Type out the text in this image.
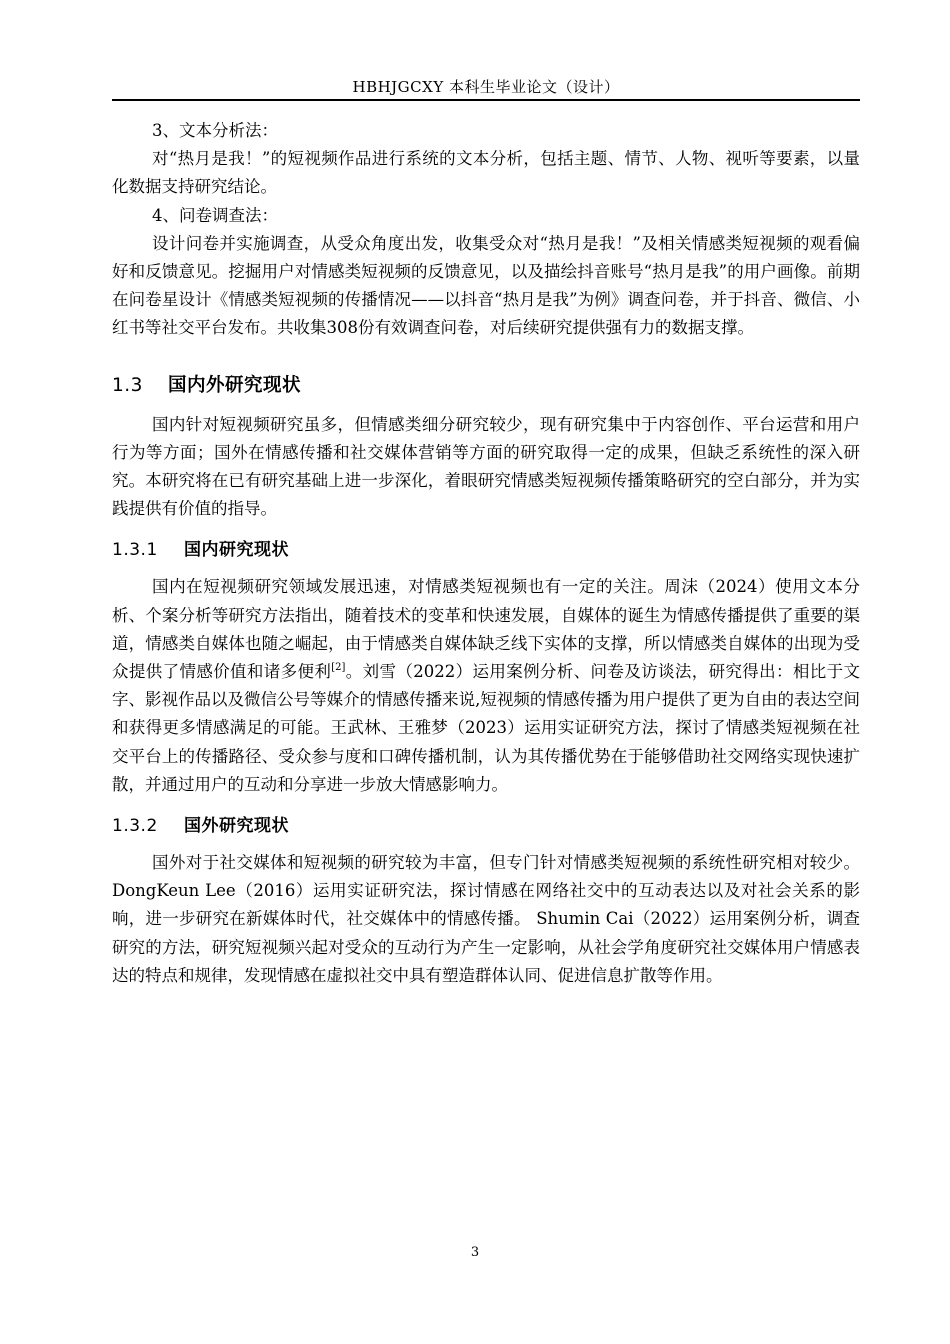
HBHJGCXY 本科生毕业论文（设计）

3、文本分析法：

对“热月是我！”的短视频作品进行系统的文本分析，包括主题、情节、人物、视听等要素，以量化数据支持研究结论。

4、问卷调查法：

设计问卷并实施调查，从受众角度出发，收集受众对“热月是我！”及相关情感类短视频的观看偏好和反馈意见。挖掘用户对情感类短视频的反馈意见，以及描绘抖音账号“热月是我”的用户画像。前期在问卷星设计《情感类短视频的传播情况——以抖音“热月是我”为例》调查问卷，并于抖音、微信、小红书等社交平台发布。共收集308份有效调查问卷，对后续研究提供强有力的数据支撑。

1.3 国内外研究现状

国内针对短视频研究虽多，但情感类细分研究较少，现有研究集中于内容创作、平台运营和用户行为等方面；国外在情感传播和社交媒体营销等方面的研究取得一定的成果，但缺乏系统性的深入研究。本研究将在已有研究基础上进一步深化，着眼研究情感类短视频传播策略研究的空白部分，并为实践提供有价值的指导。

1.3.1 国内研究现状

国内在短视频研究领域发展迅速，对情感类短视频也有一定的关注。周沫（2024）使用文本分析、个案分析等研究方法指出，随着技术的变革和快速发展，自媒体的诞生为情感传播提供了重要的渠道，情感类自媒体也随之崛起，由于情感类自媒体缺乏线下实体的支撑，所以情感类自媒体的出现为受众提供了情感价值和诸多便利[2]。刘雪（2022）运用案例分析、问卷及访谈法，研究得出：相比于文字、影视作品以及微信公号等媒介的情感传播来说,短视频的情感传播为用户提供了更为自由的表达空间和获得更多情感满足的可能。王武林、王雅梦（2023）运用实证研究方法，探讨了情感类短视频在社交平台上的传播路径、受众参与度和口碑传播机制，认为其传播优势在于能够借助社交网络实现快速扩散，并通过用户的互动和分享进一步放大情感影响力。

1.3.2 国外研究现状

国外对于社交媒体和短视频的研究较为丰富，但专门针对情感类短视频的系统性研究相对较少。DongKeun Lee（2016）运用实证研究法，探讨情感在网络社交中的互动表达以及对社会关系的影响，进一步研究在新媒体时代，社交媒体中的情感传播。 Shumin Cai（2022）运用案例分析，调查研究的方法，研究短视频兴起对受众的互动行为产生一定影响，从社会学角度研究社交媒体用户情感表达的特点和规律，发现情感在虚拟社交中具有塑造群体认同、促进信息扩散等作用。

3
